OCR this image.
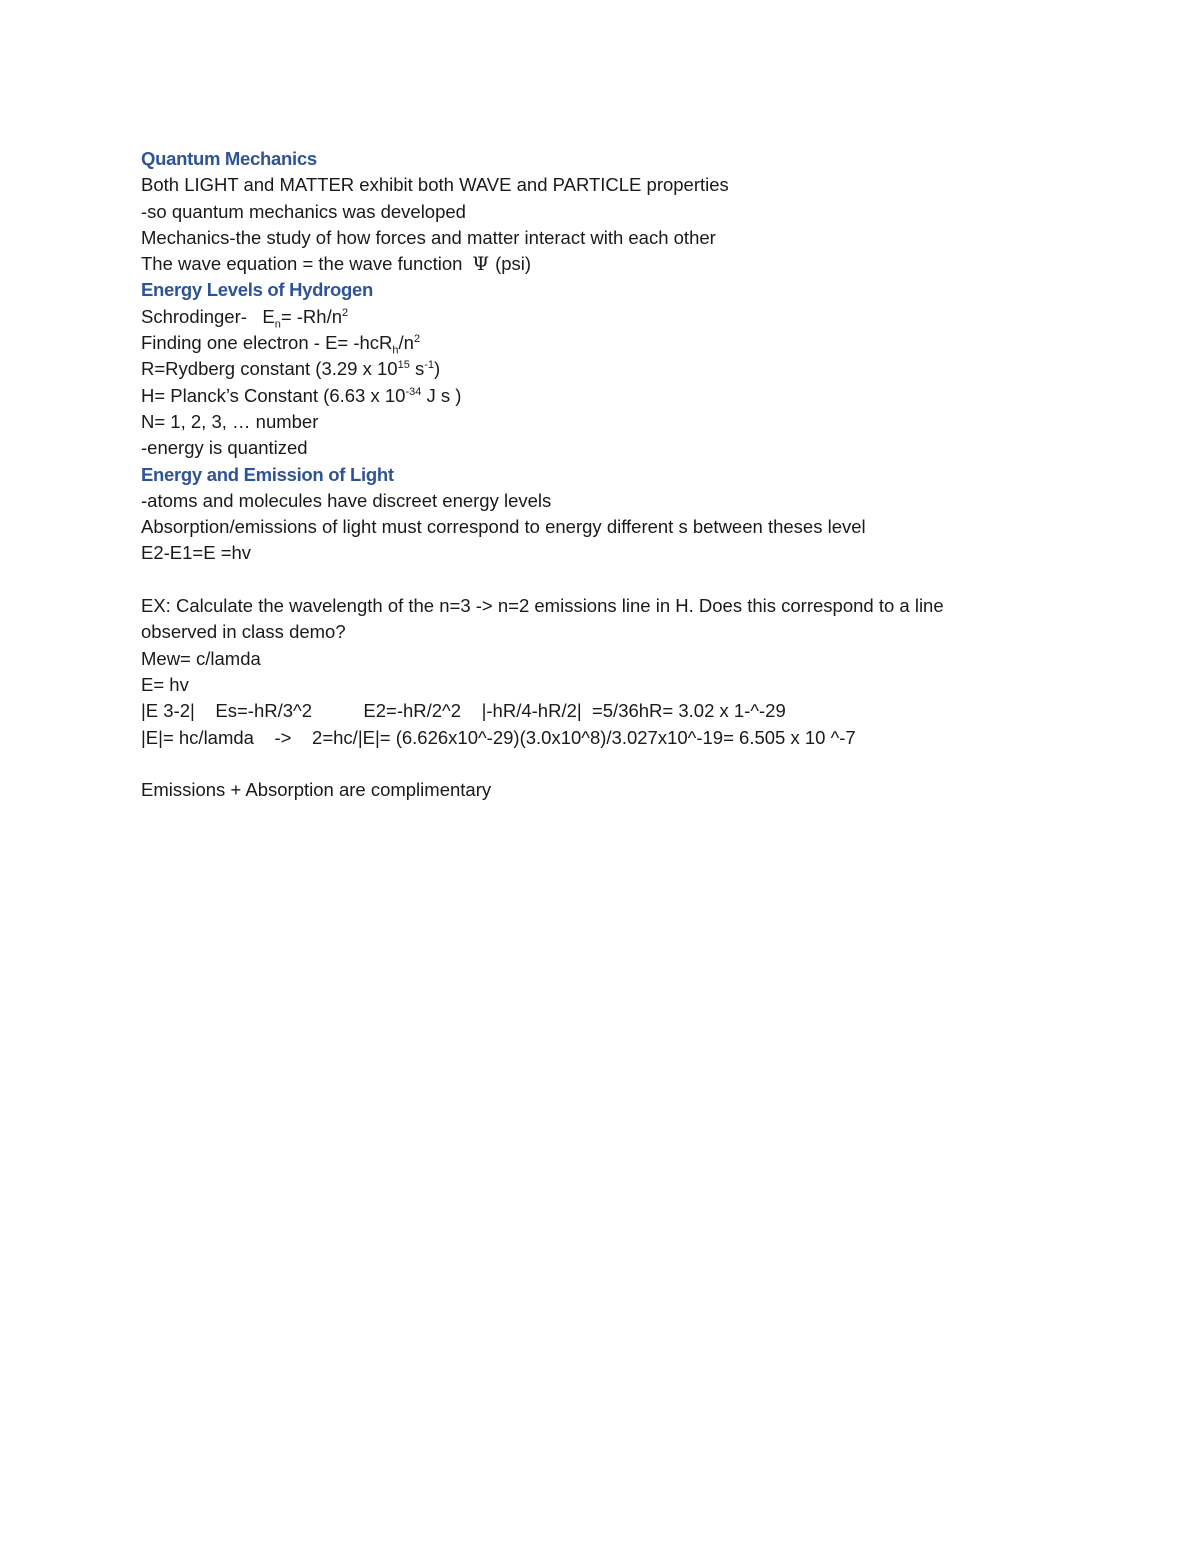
Quantum Mechanics
Both LIGHT and MATTER exhibit both WAVE and PARTICLE properties
-so quantum mechanics was developed
Mechanics-the study of how forces and matter interact with each other
The wave equation = the wave function Ψ (psi)
Energy Levels of Hydrogen
Schrodinger-   $E_n= -Rh/n^2$
Finding one electron - $E= -hcR_h/n^2$
R=Rydberg constant (3.29 x $10^{15}$ $s^{-1}$)
H= Planck’s Constant (6.63 x $10^{-34}$ J s )
N= 1, 2, 3, … number
-energy is quantized
Energy and Emission of Light
-atoms and molecules have discreet energy levels
Absorption/emissions of light must correspond to energy different s between theses level
E2-E1=E =hv
EX: Calculate the wavelength of the n=3 -> n=2 emissions line in H. Does this correspond to a line
observed in class demo?
Mew= c/lamda
E= hv
|E 3-2|    Es=-hR/3^2          E2=-hR/2^2    |-hR/4-hR/2|  =5/36hR= 3.02 x 1-^-29
|E|= hc/lamda    ->    2=hc/|E|= (6.626x10^-29)(3.0x10^8)/3.027x10^-19= 6.505 x 10 ^-7
Emissions + Absorption are complimentary
